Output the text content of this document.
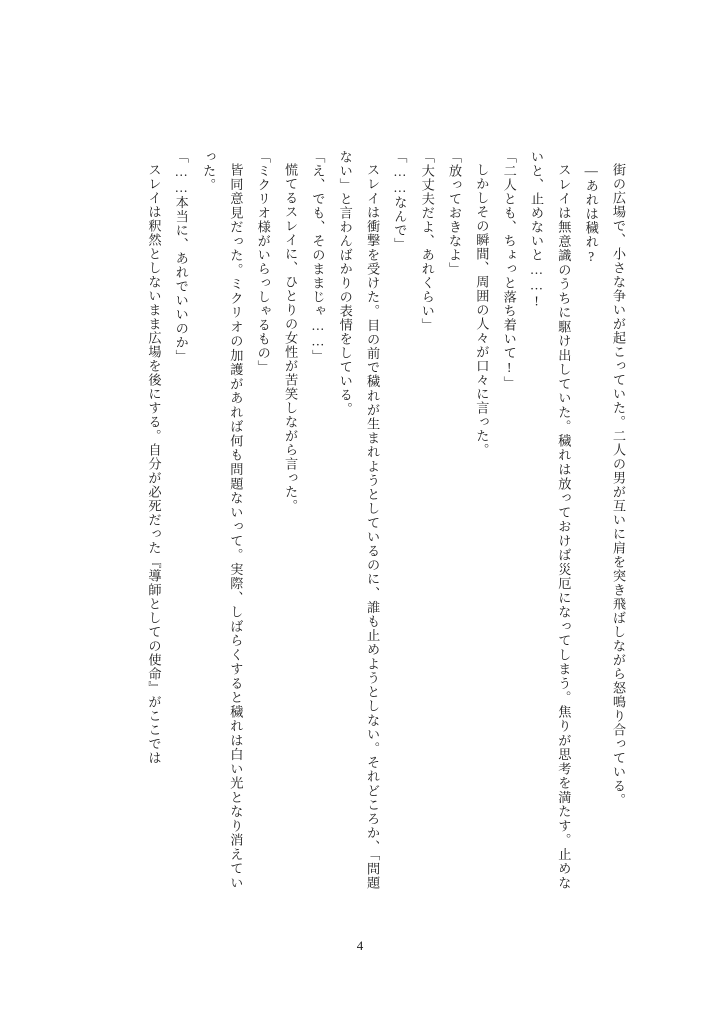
街の広場で、小さな争いが起こっていた。二人の男が互いに肩を突き飛ばしながら怒鳴り合っている。

―あれは穢れ?

スレイは無意識のうちに駆け出していた。穢れは放っておけば災厄になってしまう。焦りが思考を満たす。止めないと、止めないと……!

「二人とも、ちょっと落ち着いて!」

しかしその瞬間、周囲の人々が口々に言った。

「放っておきなよ」

「大丈夫だよ、あれくらい」

「……なんで」

スレイは衝撃を受けた。目の前で穢れが生まれようとしているのに、誰も止めようとしない。それどころか、「問題ない」と言わんばかりの表情をしている。

「え、でも、そのままじゃ……」

慌てるスレイに、ひとりの女性が苦笑しながら言った。

「ミクリオ様がいらっしゃるもの」

皆同意見だった。ミクリオの加護があれば何も問題ないって。実際、しばらくすると穢れは白い光となり消えていった。

「……本当に、あれでいいのか」

スレイは釈然としないまま広場を後にする。自分が必死だった『導師としての使命』がここでは

4
